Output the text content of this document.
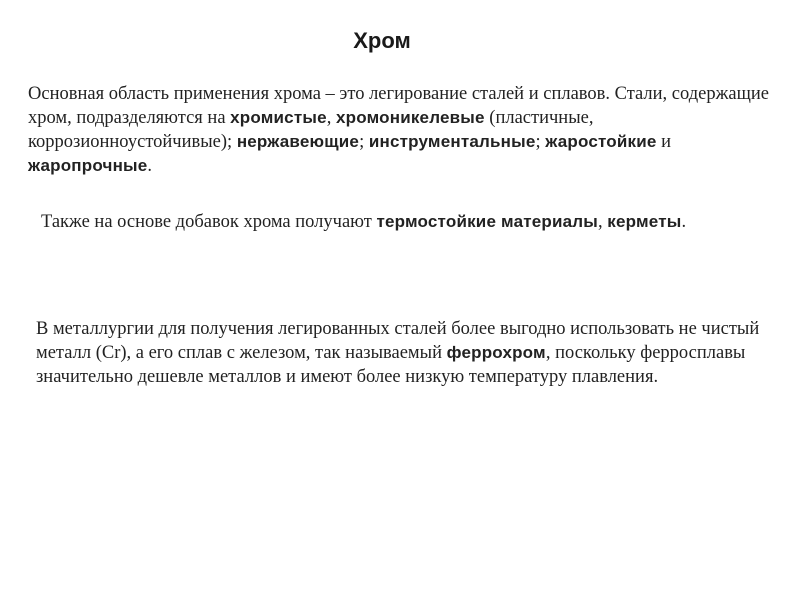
Хром
Основная область применения хрома – это легирование сталей и сплавов. Стали, содержащие хром, подразделяются на хромистые, хромоникелевые (пластичные, коррозионноустойчивые); нержавеющие; инструментальные; жаростойкие и жаропрочные.
Также на основе добавок хрома получают термостойкие материалы, керметы.
В металлургии для получения легированных сталей более выгодно использовать не чистый металл (Cr), а его сплав с железом, так называемый феррохром, поскольку ферросплавы значительно дешевле металлов и имеют более низкую температуру плавления.
